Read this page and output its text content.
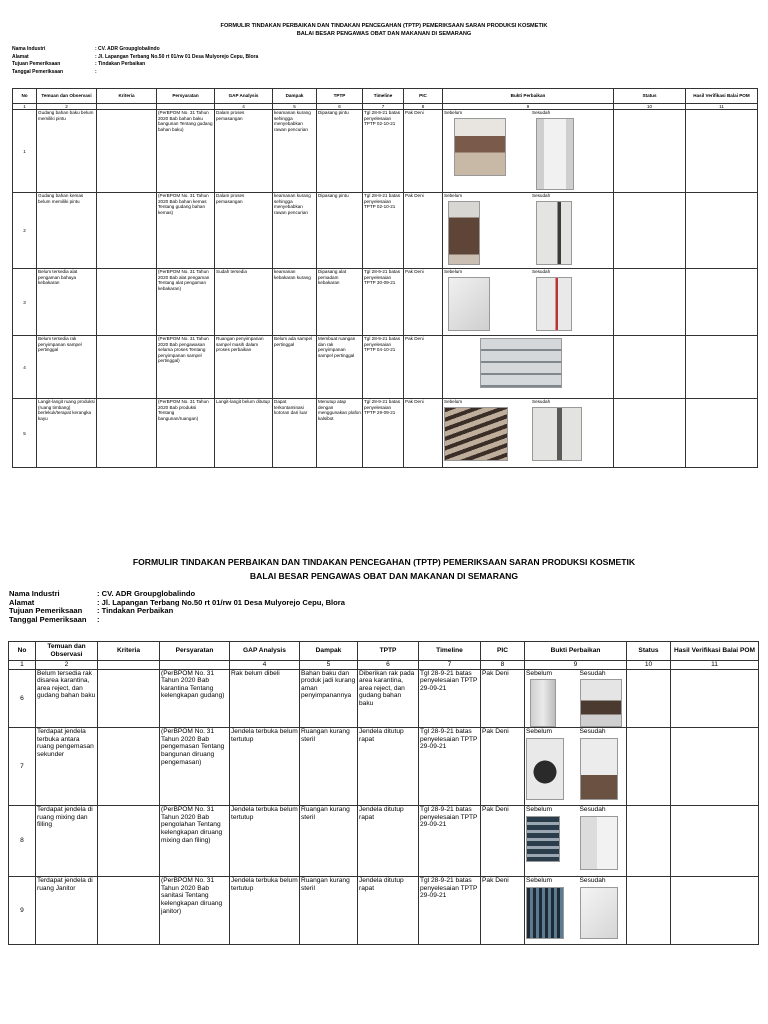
FORMULIR TINDAKAN PERBAIKAN DAN TINDAKAN PENCEGAHAN (TPTP) PEMERIKSAAN SARAN PRODUKSI KOSMETIK
BALAI BESAR PENGAWAS OBAT DAN MAKANAN DI SEMARANG
Nama Industri	: CV. ADR Groupglobalindo
Alamat	: Jl. Lapangan Terbang No.50 rt 01/rw 01 Desa Mulyorejo Cepu, Blora
Tujuan Pemeriksaan	: Tindakan Perbaikan
Tanggal Pemeriksaan	:
No	Temuan dan Observasi	Kriteria	Persyaratan	GAP Analysis	Dampak	TPTP	Timeline	PIC	Bukti Perbaikan	Status	Hasil Verifikasi Balai POM
1	2			4	5	6	7	8	9	10	11
1	Gudang bahan baku belum memiliki pintu		(PerBPOM No. 31 Tahun 2020 Bab bahan baku bangunan Tentang gudang bahan baku)	Dalam proses pemasangan	keamanan kurang sehingga menyebabkan rawan pencurian	Dipasang pintu	Tgl 28-9-21 batas penyelesaian TPTP 02-10-21	Pak Deni	Sebelum Sesudah		

2	Gudang bahan kemas belum memiliki pintu		(PerBPOM No. 31 Tahun 2020 Bab bahan kemas Tentang gudang bahan kemas)	Dalam proses pemasangan	keamanan kurang sehingga menyebabkan rawan pencurian	Dipasang pintu	Tgl 28-9-21 batas penyelesaian TPTP 02-10-21	Pak Deni	Sebelum Sesudah		

3	Belum tersedia alat pengaman bahaya kebakaran		(PerBPOM No. 31 Tahun 2020 Bab alat pengaman Tentang alat pengaman kebakaran)	Sudah tersedia	keamanan kebakaran kurang	Dipasang alat pemadam kebakaran	Tgl 28-9-21 batas penyelesaian TPTP 30-09-21	Pak Deni	Sebelum Sesudah		

4	Belum tersedia rak penyimpanan sampel pertinggal		(PerBPOM No. 31 Tahun 2020 Bab pengawasan selama proses Tentang penyimpanan sampel pertinggal)	Ruangan penyimpanan sampel masih dalam proses perbaikan	Belum ada sampel pertinggal	Membuat ruangan dan rak penyimpanan sampel pertinggal	Tgl 28-9-21 batas penyelesaian TPTP 04-10-21	Pak Deni	

5	Langit-langit ruang produksi (ruang timbang) berlekuk/terapat kerangka kayu		(PerBPOM No. 31 Tahun 2020 Bab produksi Tentang bangunan/ruangan)	Langit-langit belum ditutup	Dapat terkontaminasi kotoran dari luar	Menutup atap dengan menggunakan plafon kalsibot	Tgl 28-9-21 batas penyelesaian TPTP 29-09-21	Pak Deni	Sebelum Sesudah		

FORMULIR TINDAKAN PERBAIKAN DAN TINDAKAN PENCEGAHAN (TPTP) PEMERIKSAAN SARAN PRODUKSI KOSMETIK
BALAI BESAR PENGAWAS OBAT DAN MAKANAN DI SEMARANG
Nama Industri	: CV. ADR Groupglobalindo
Alamat	: Jl. Lapangan Terbang No.50 rt 01/rw 01 Desa Mulyorejo Cepu, Blora
Tujuan Pemeriksaan	: Tindakan Perbaikan
Tanggal Pemeriksaan	:
No	Temuan dan Observasi	Kriteria	Persyaratan	GAP Analysis	Dampak	TPTP	Timeline	PIC	Bukti Perbaikan	Status	Hasil Verifikasi Balai POM
1	2			4	5	6	7	8	9	10	11
6	Belum tersedia rak disarea karantina, area reject, dan gudang bahan baku		(PerBPOM No. 31 Tahun 2020 Bab karantina Tentang kelengkapan gudang)	Rak belum dibeli	Bahan baku dan produk jadi kurang aman penyimpanannya	Diberikan rak pada area karantina, area reject, dan gudang bahan baku	Tgl 28-9-21 batas penyelesaian TPTP 29-09-21	Pak Deni	Sebelum Sesudah		

7	Terdapat jendela terbuka antara ruang pengemasan sekunder		(PerBPOM No. 31 Tahun 2020 Bab pengemasan Tentang bangunan diruang pengemasan)	Jendela terbuka belum tertutup	Ruangan kurang steril	Jendela ditutup rapat	Tgl 28-9-21 batas penyelesaian TPTP 29-09-21	Pak Deni	Sebelum Sesudah		

8	Terdapat jendela di ruang mixing dan filling		(PerBPOM No. 31 Tahun 2020 Bab pengolahan Tentang kelengkapan diruang mixing dan filing)	Jendela terbuka belum tertutup	Ruangan kurang steril	Jendela ditutup rapat	Tgl 28-9-21 batas penyelesaian TPTP 29-09-21	Pak Deni	Sebelum Sesudah		

9	Terdapat jendela di ruang Janitor		(PerBPOM No. 31 Tahun 2020 Bab sanitasi Tentang kelengkapan diruang janitor)	Jendela terbuka belum tertutup	Ruangan kurang steril	Jendela ditutup rapat	Tgl 28-9-21 batas penyelesaian TPTP 29-09-21	Pak Deni	Sebelum Sesudah		
